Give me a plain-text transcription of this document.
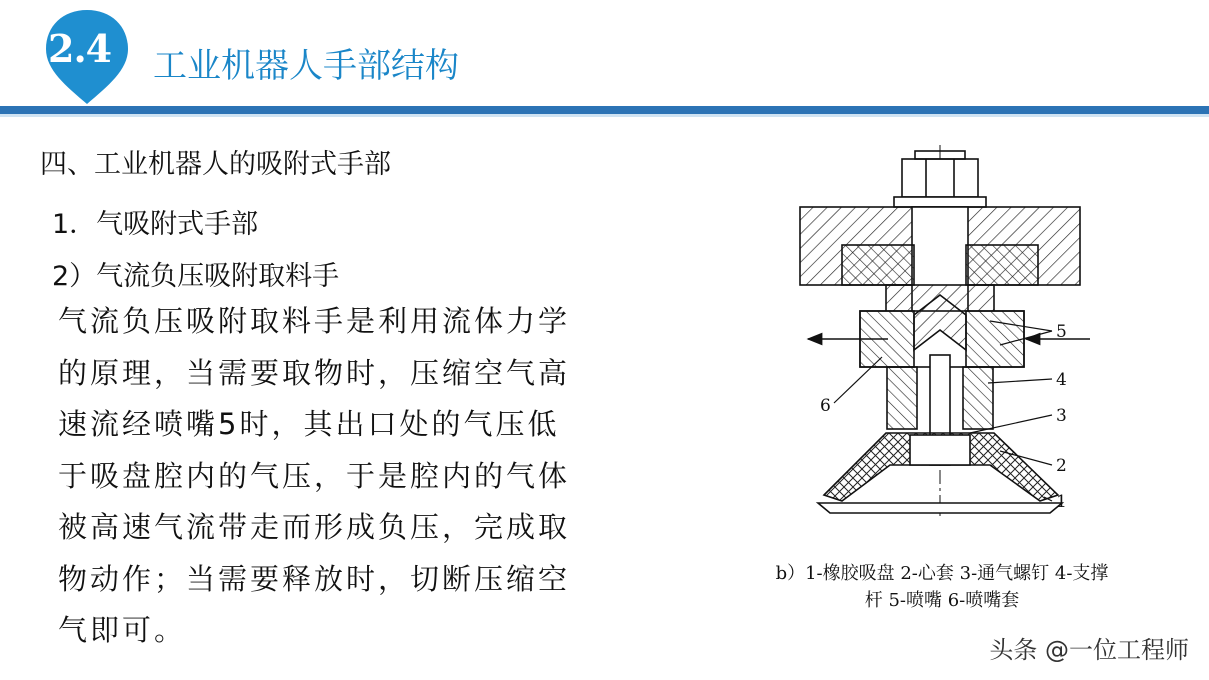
2.4	工业机器人手部结构
四、工业机器人的吸附式手部
1．气吸附式手部
2）气流负压吸附取料手
气流负压吸附取料手是利用流体力学
的原理，当需要取物时，压缩空气高
速流经喷嘴5时，其出口处的气压低
于吸盘腔内的气压，于是腔内的气体
被高速气流带走而形成负压，完成取
物动作；当需要释放时，切断压缩空
气即可。
5
4
3
2
1
6
b）1-橡胶吸盘 2-心套 3-通气螺钉 4-支撑
杆 5-喷嘴 6-喷嘴套
头条 @一位工程师
